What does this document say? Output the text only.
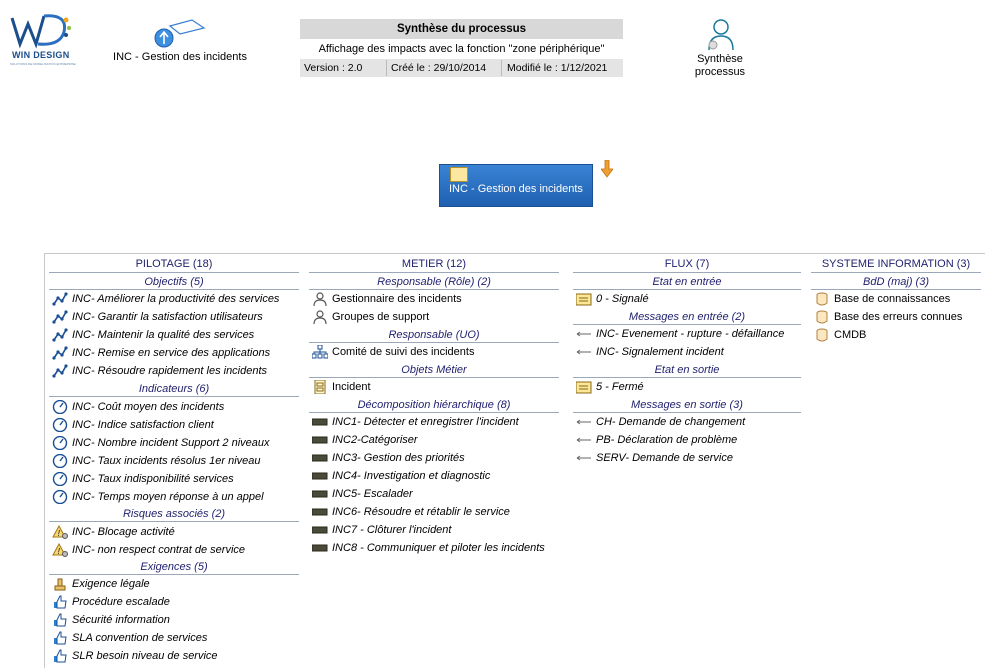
WIN DESIGN
SOLUTIONS DE MODELISATION ENTREPRISE
INC - Gestion des incidents
Synthèse du processus
Affichage des impacts avec la fonction "zone périphérique"
Version : 2.0	Créé le : 29/10/2014 Modifié le : 1/12/2021
Synthèse
processus
INC - Gestion des incidents
PILOTAGE (18)
Objectifs (5)
INC- Améliorer la productivité des services
INC- Garantir la satisfaction utilisateurs
INC- Maintenir la qualité des services
INC- Remise en service des applications
INC- Résoudre rapidement les incidents
Indicateurs (6)
INC- Coût moyen des incidents
INC- Indice satisfaction client
INC- Nombre incident Support 2 niveaux
INC- Taux incidents résolus 1er niveau
INC- Taux indisponibilité services
INC- Temps moyen réponse à un appel
Risques associés (2)
! INC- Blocage activité
! INC- non respect contrat de service
Exigences (5)
Exigence légale
Procédure escalade
Sécurité information
SLA convention de services
SLR besoin niveau de service
METIER (12)
Responsable (Rôle) (2)
Gestionnaire des incidents
Groupes de support
Responsable (UO)
Comité de suivi des incidents
Objets Métier
Incident
Décomposition hiérarchique (8)
INC1- Détecter et enregistrer l'incident
INC2-Catégoriser
INC3- Gestion des priorités
INC4- Investigation et diagnostic
INC5- Escalader
INC6- Résoudre et rétablir le service
INC7 - Clôturer l'incident
INC8 - Communiquer et piloter les incidents
FLUX (7)
Etat en entrée
0 - Signalé
Messages en entrée (2)
INC- Evenement - rupture - défaillance
INC- Signalement incident
Etat en sortie
5 - Fermé
Messages en sortie (3)
CH- Demande de changement
PB- Déclaration de problème
SERV- Demande de service
SYSTEME INFORMATION (3)
BdD (maj) (3)
Base de connaissances
Base des erreurs connues
CMDB
